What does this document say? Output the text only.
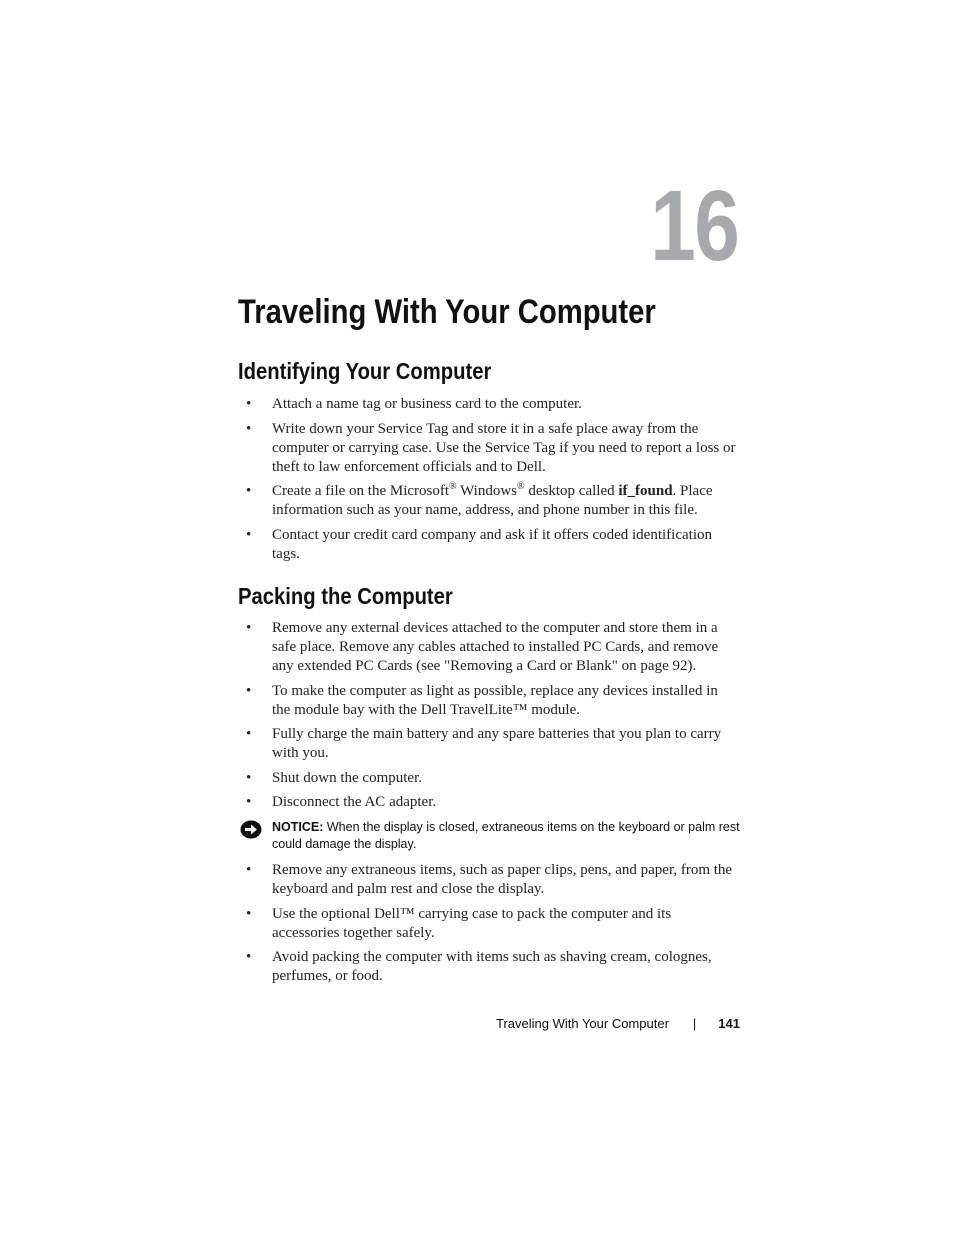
16
Traveling With Your Computer
Identifying Your Computer
• Attach a name tag or business card to the computer.
• Write down your Service Tag and store it in a safe place away from the computer or carrying case. Use the Service Tag if you need to report a loss or theft to law enforcement officials and to Dell.
• Create a file on the Microsoft® Windows® desktop called if_found. Place information such as your name, address, and phone number in this file.
• Contact your credit card company and ask if it offers coded identification tags.
Packing the Computer
• Remove any external devices attached to the computer and store them in a safe place. Remove any cables attached to installed PC Cards, and remove any extended PC Cards (see "Removing a Card or Blank" on page 92).
• To make the computer as light as possible, replace any devices installed in the module bay with the Dell TravelLite™ module.
• Fully charge the main battery and any spare batteries that you plan to carry with you.
• Shut down the computer.
• Disconnect the AC adapter.
NOTICE: When the display is closed, extraneous items on the keyboard or palm rest could damage the display.
• Remove any extraneous items, such as paper clips, pens, and paper, from the keyboard and palm rest and close the display.
• Use the optional Dell™ carrying case to pack the computer and its accessories together safely.
• Avoid packing the computer with items such as shaving cream, colognes, perfumes, or food.
Traveling With Your Computer | 141
